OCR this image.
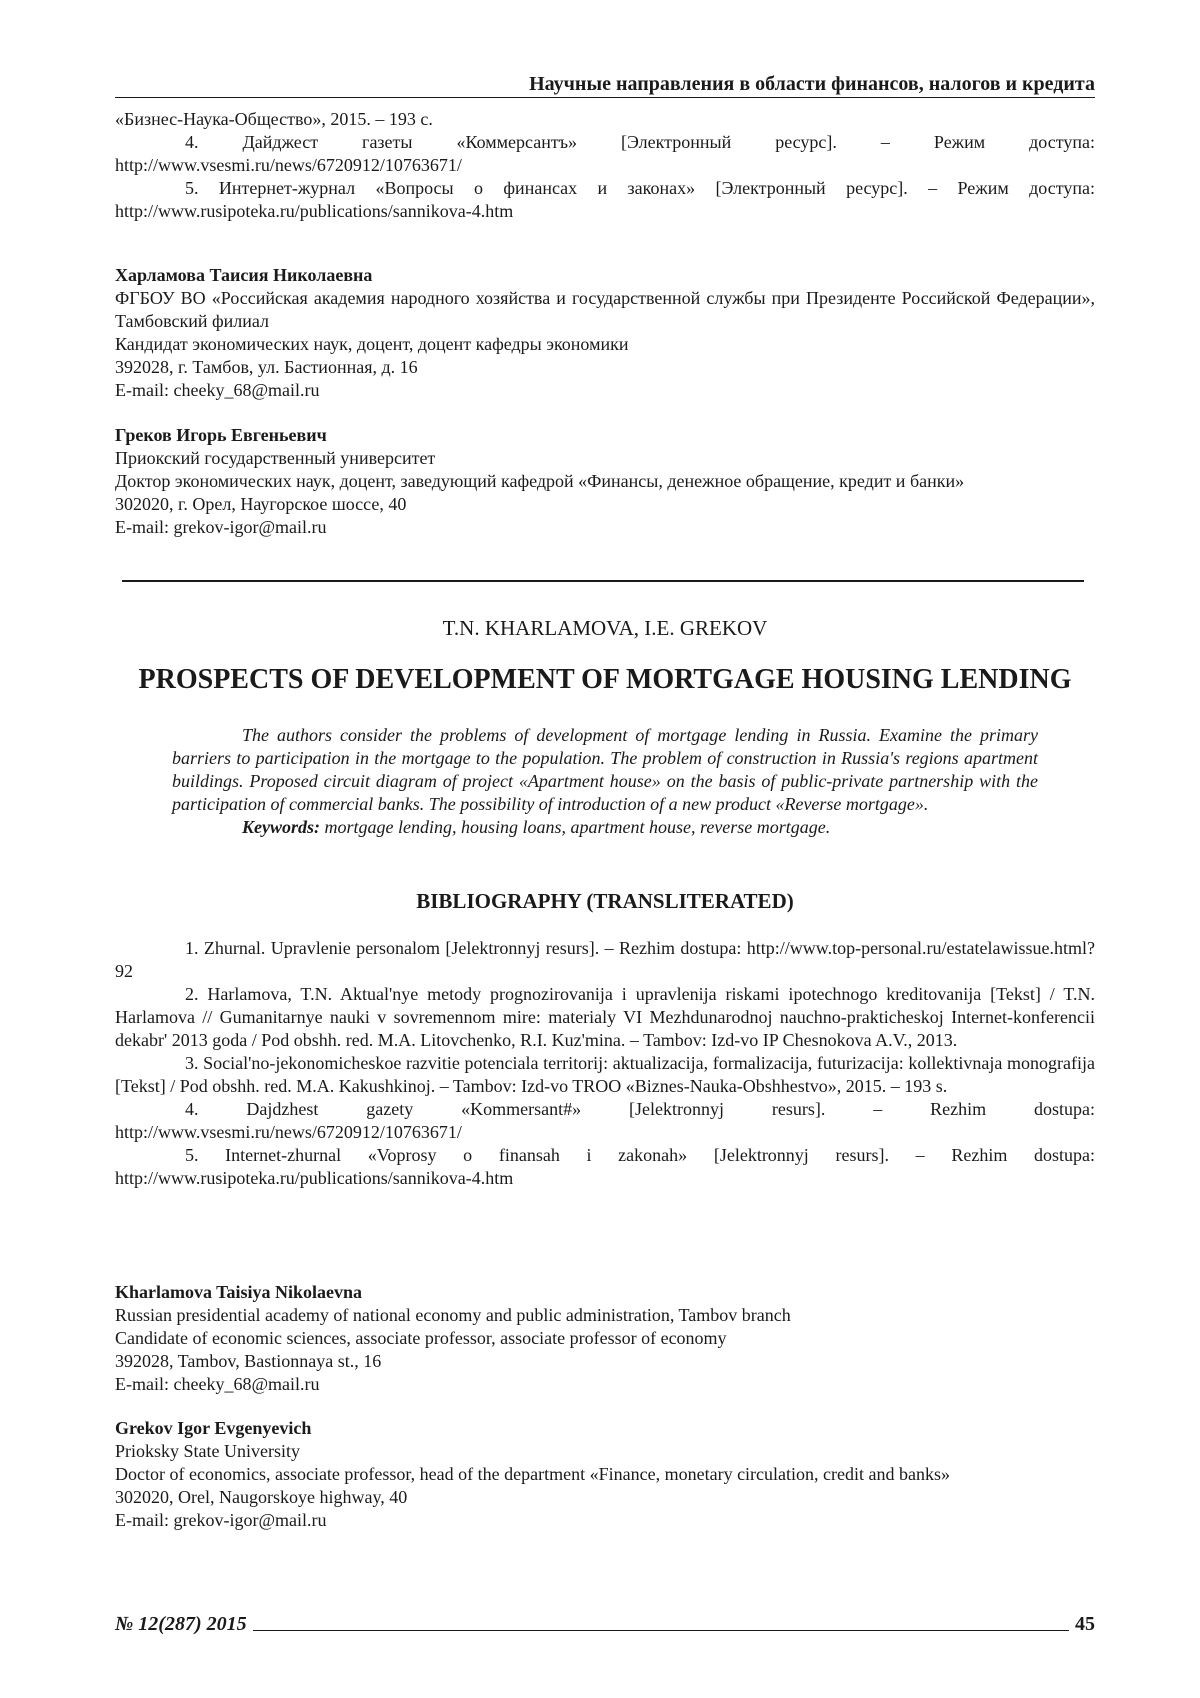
Научные направления в области финансов, налогов и кредита

«Бизнес-Наука-Общество», 2015. – 193 с.

4. Дайджест газеты «Коммерсантъ» [Электронный ресурс]. – Режим доступа:

http://www.vsesmi.ru/news/6720912/10763671/

5. Интернет-журнал «Вопросы о финансах и законах» [Электронный ресурс]. – Режим доступа:

http://www.rusipoteka.ru/publications/sannikova-4.htm

Харламова Таисия Николаевна

ФГБОУ ВО «Российская академия народного хозяйства и государственной службы при Президенте Российской Федерации», Тамбовский филиал

Кандидат экономических наук, доцент, доцент кафедры экономики

392028, г. Тамбов, ул. Бастионная, д. 16

E-mail: cheeky_68@mail.ru

Греков Игорь Евгеньевич

Приокский государственный университет

Доктор экономических наук, доцент, заведующий кафедрой «Финансы, денежное обращение, кредит и банки»

302020, г. Орел, Наугорское шоссе, 40

E-mail: grekov-igor@mail.ru

T.N. KHARLAMOVA, I.E. GREKOV
PROSPECTS OF DEVELOPMENT OF MORTGAGE HOUSING LENDING

The authors consider the problems of development of mortgage lending in Russia. Examine the primary barriers to participation in the mortgage to the population. The problem of construction in Russia's regions apartment buildings. Proposed circuit diagram of project «Apartment house» on the basis of public-private partnership with the participation of commercial banks. The possibility of introduction of a new product «Reverse mortgage».

Keywords: mortgage lending, housing loans, apartment house, reverse mortgage.

BIBLIOGRAPHY (TRANSLITERATED)

1. Zhurnal. Upravlenie personalom [Jelektronnyj resurs]. – Rezhim dostupa: http://www.top-personal.ru/estatelawissue.html?92

2. Harlamova, T.N. Aktual'nye metody prognozirovanija i upravlenija riskami ipotechnogo kreditovanija [Tekst] / T.N. Harlamova // Gumanitarnye nauki v sovremennom mire: materialy VI Mezhdunarodnoj nauchno-prakticheskoj Internet-konferencii dekabr' 2013 goda / Pod obshh. red. M.A. Litovchenko, R.I. Kuz'mina. – Tambov: Izd-vo IP Chesnokova A.V., 2013.

3. Social'no-jekonomicheskoe razvitie potenciala territorij: aktualizacija, formalizacija, futurizacija: kollektivnaja monografija [Tekst] / Pod obshh. red. M.A. Kakushkinoj. – Tambov: Izd-vo TROO «Biznes-Nauka-Obshhestvo», 2015. – 193 s.

4. Dajdzhest gazety «Kommersant#» [Jelektronnyj resurs]. – Rezhim dostupa:

http://www.vsesmi.ru/news/6720912/10763671/

5. Internet-zhurnal «Voprosy o finansah i zakonah» [Jelektronnyj resurs]. – Rezhim dostupa:

http://www.rusipoteka.ru/publications/sannikova-4.htm

Kharlamova Taisiya Nikolaevna

Russian presidential academy of national economy and public administration, Tambov branch

Candidate of economic sciences, associate professor, associate professor of economy

392028, Tambov, Bastionnaya st., 16

E-mail: cheeky_68@mail.ru

Grekov Igor Evgenyevich

Prioksky State University

Doctor of economics, associate professor, head of the department «Finance, monetary circulation, credit and banks»

302020, Orel, Naugorskoye highway, 40

E-mail: grekov-igor@mail.ru

№ 12(287) 2015	45
